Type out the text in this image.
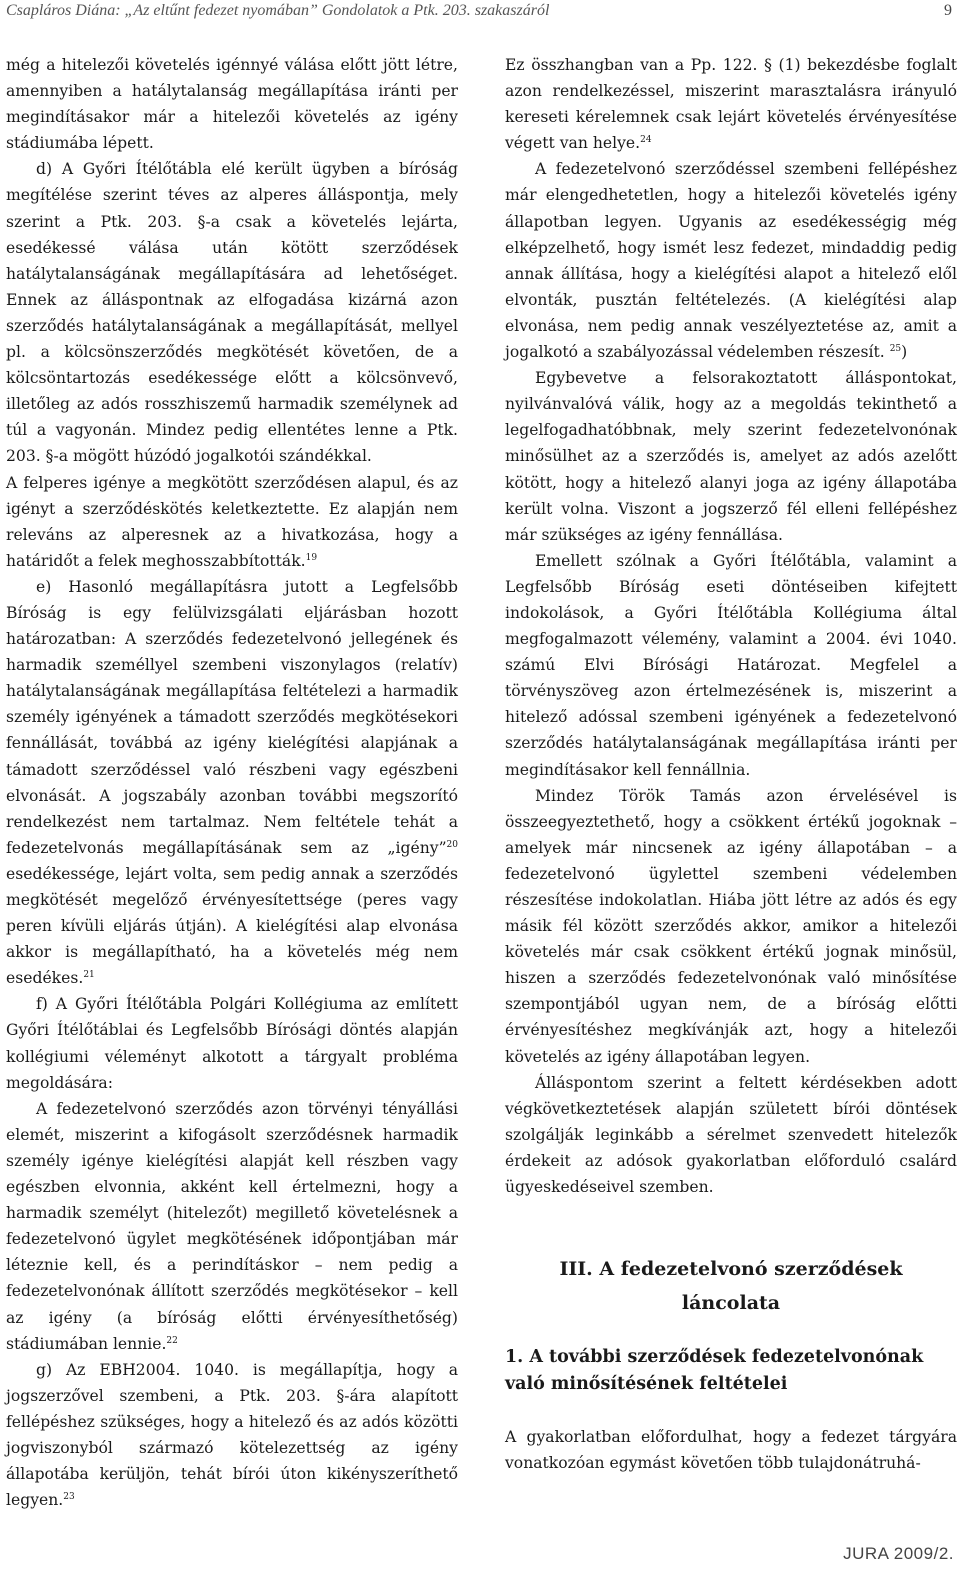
Csapláros Diána: „Az eltűnt fedezet nyomában” Gondolatok a Ptk. 203. szakaszáról	9

még a hitelezői követelés igénnyé válása előtt jött létre, amennyiben a hatálytalanság megállapítása iránti per megindításakor már a hitelezői követelés az igény stádiumába lépett.

d) A Győri Ítélőtábla elé került ügyben a bíróság megítélése szerint téves az alperes álláspontja, mely szerint a Ptk. 203. §-a csak a követelés lejárta, esedékessé válása után kötött szerződések hatálytalanságának megállapítására ad lehetőséget. Ennek az álláspontnak az elfogadása kizárná azon szerződés hatálytalanságának a megállapítását, mellyel pl. a kölcsönszerződés megkötését követően, de a kölcsöntartozás esedékessége előtt a kölcsönvevő, illetőleg az adós rosszhiszemű harmadik személynek ad túl a vagyonán. Mindez pedig ellentétes lenne a Ptk. 203. §-a mögött húzódó jogalkotói szándékkal.

A felperes igénye a megkötött szerződésen alapul, és az igényt a szerződéskötés keletkeztette. Ez alapján nem releváns az alperesnek az a hivatkozása, hogy a határidőt a felek meghosszabbították.$^{19}$

e) Hasonló megállapításra jutott a Legfelsőbb Bíróság is egy felülvizsgálati eljárásban hozott határozatban: A szerződés fedezetelvonó jellegének és harmadik személlyel szembeni viszonylagos (relatív) hatálytalanságának megállapítása feltételezi a harmadik személy igényének a támadott szerződés megkötésekori fennállását, továbbá az igény kielégítési alapjának a támadott szerződéssel való részbeni vagy egészbeni elvonását. A jogszabály azonban további megszorító rendelkezést nem tartalmaz. Nem feltétele tehát a fedezetelvonás megállapításának sem az „igény”$^{20}$ esedékessége, lejárt volta, sem pedig annak a szerződés megkötését megelőző érvényesítettsége (peres vagy peren kívüli eljárás útján). A kielégítési alap elvonása akkor is megállapítható, ha a követelés még nem esedékes.$^{21}$

f) A Győri Ítélőtábla Polgári Kollégiuma az említett Győri Ítélőtáblai és Legfelsőbb Bírósági döntés alapján kollégiumi véleményt alkotott a tárgyalt probléma megoldására:

A fedezetelvonó szerződés azon törvényi tényállási elemét, miszerint a kifogásolt szerződésnek harmadik személy igénye kielégítési alapját kell részben vagy egészben elvonnia, akként kell értelmezni, hogy a harmadik személyt (hitelezőt) megillető követelésnek a fedezetelvonó ügylet megkötésének időpontjában már léteznie kell, és a perindításkor – nem pedig a fedezetelvonónak állított szerződés megkötésekor – kell az igény (a bíróság előtti érvényesíthetőség) stádiumában lennie.$^{22}$

g) Az EBH2004. 1040. is megállapítja, hogy a jogszerzővel szembeni, a Ptk. 203. §-ára alapított fellépéshez szükséges, hogy a hitelező és az adós közötti jogviszonyból származó kötelezettség az igény állapotába kerüljön, tehát bírói úton kikényszeríthető legyen.$^{23}$

Ez összhangban van a Pp. 122. § (1) bekezdésbe foglalt azon rendelkezéssel, miszerint marasztalásra irányuló kereseti kérelemnek csak lejárt követelés érvényesítése végett van helye.$^{24}$

A fedezetelvonó szerződéssel szembeni fellépéshez már elengedhetetlen, hogy a hitelezői követelés igény állapotban legyen. Ugyanis az esedékességig még elképzelhető, hogy ismét lesz fedezet, mindaddig pedig annak állítása, hogy a kielégítési alapot a hitelező elől elvonták, pusztán feltételezés. (A kielégítési alap elvonása, nem pedig annak veszélyeztetése az, amit a jogalkotó a szabályozással védelemben részesít. $^{25}$)

Egybevetve a felsorakoztatott álláspontokat, nyilvánvalóvá válik, hogy az a megoldás tekinthető a legelfogadhatóbbnak, mely szerint fedezetelvonónak minősülhet az a szerződés is, amelyet az adós azelőtt kötött, hogy a hitelező alanyi joga az igény állapotába került volna. Viszont a jogszerző fél elleni fellépéshez már szükséges az igény fennállása.

Emellett szólnak a Győri Ítélőtábla, valamint a Legfelsőbb Bíróság eseti döntéseiben kifejtett indokolások, a Győri Ítélőtábla Kollégiuma által megfogalmazott vélemény, valamint a 2004. évi 1040. számú Elvi Bírósági Határozat. Megfelel a törvényszöveg azon értelmezésének is, miszerint a hitelező adóssal szembeni igényének a fedezetelvonó szerződés hatálytalanságának megállapítása iránti per megindításakor kell fennállnia.

Mindez Török Tamás azon érvelésével is összeegyeztethető, hogy a csökkent értékű jogoknak – amelyek már nincsenek az igény állapotában – a fedezetelvonó ügylettel szembeni védelemben részesítése indokolatlan. Hiába jött létre az adós és egy másik fél között szerződés akkor, amikor a hitelezői követelés már csak csökkent értékű jognak minősül, hiszen a szerződés fedezetelvonónak való minősítése szempontjából ugyan nem, de a bíróság előtti érvényesítéshez megkívánják azt, hogy a hitelezői követelés az igény állapotában legyen.

Álláspontom szerint a feltett kérdésekben adott végkövetkeztetések alapján született bírói döntések szolgálják leginkább a sérelmet szenvedett hitelezők érdekeit az adósok gyakorlatban előforduló csalárd ügyeskedéseivel szemben.

III. A fedezetelvonó szerződések
láncolata
1. A további szerződések fedezetelvonónak való minősítésének feltételei

A gyakorlatban előfordulhat, hogy a fedezet tárgyára vonatkozóan egymást követően több tulajdonátruhá-

JURA 2009/2.
